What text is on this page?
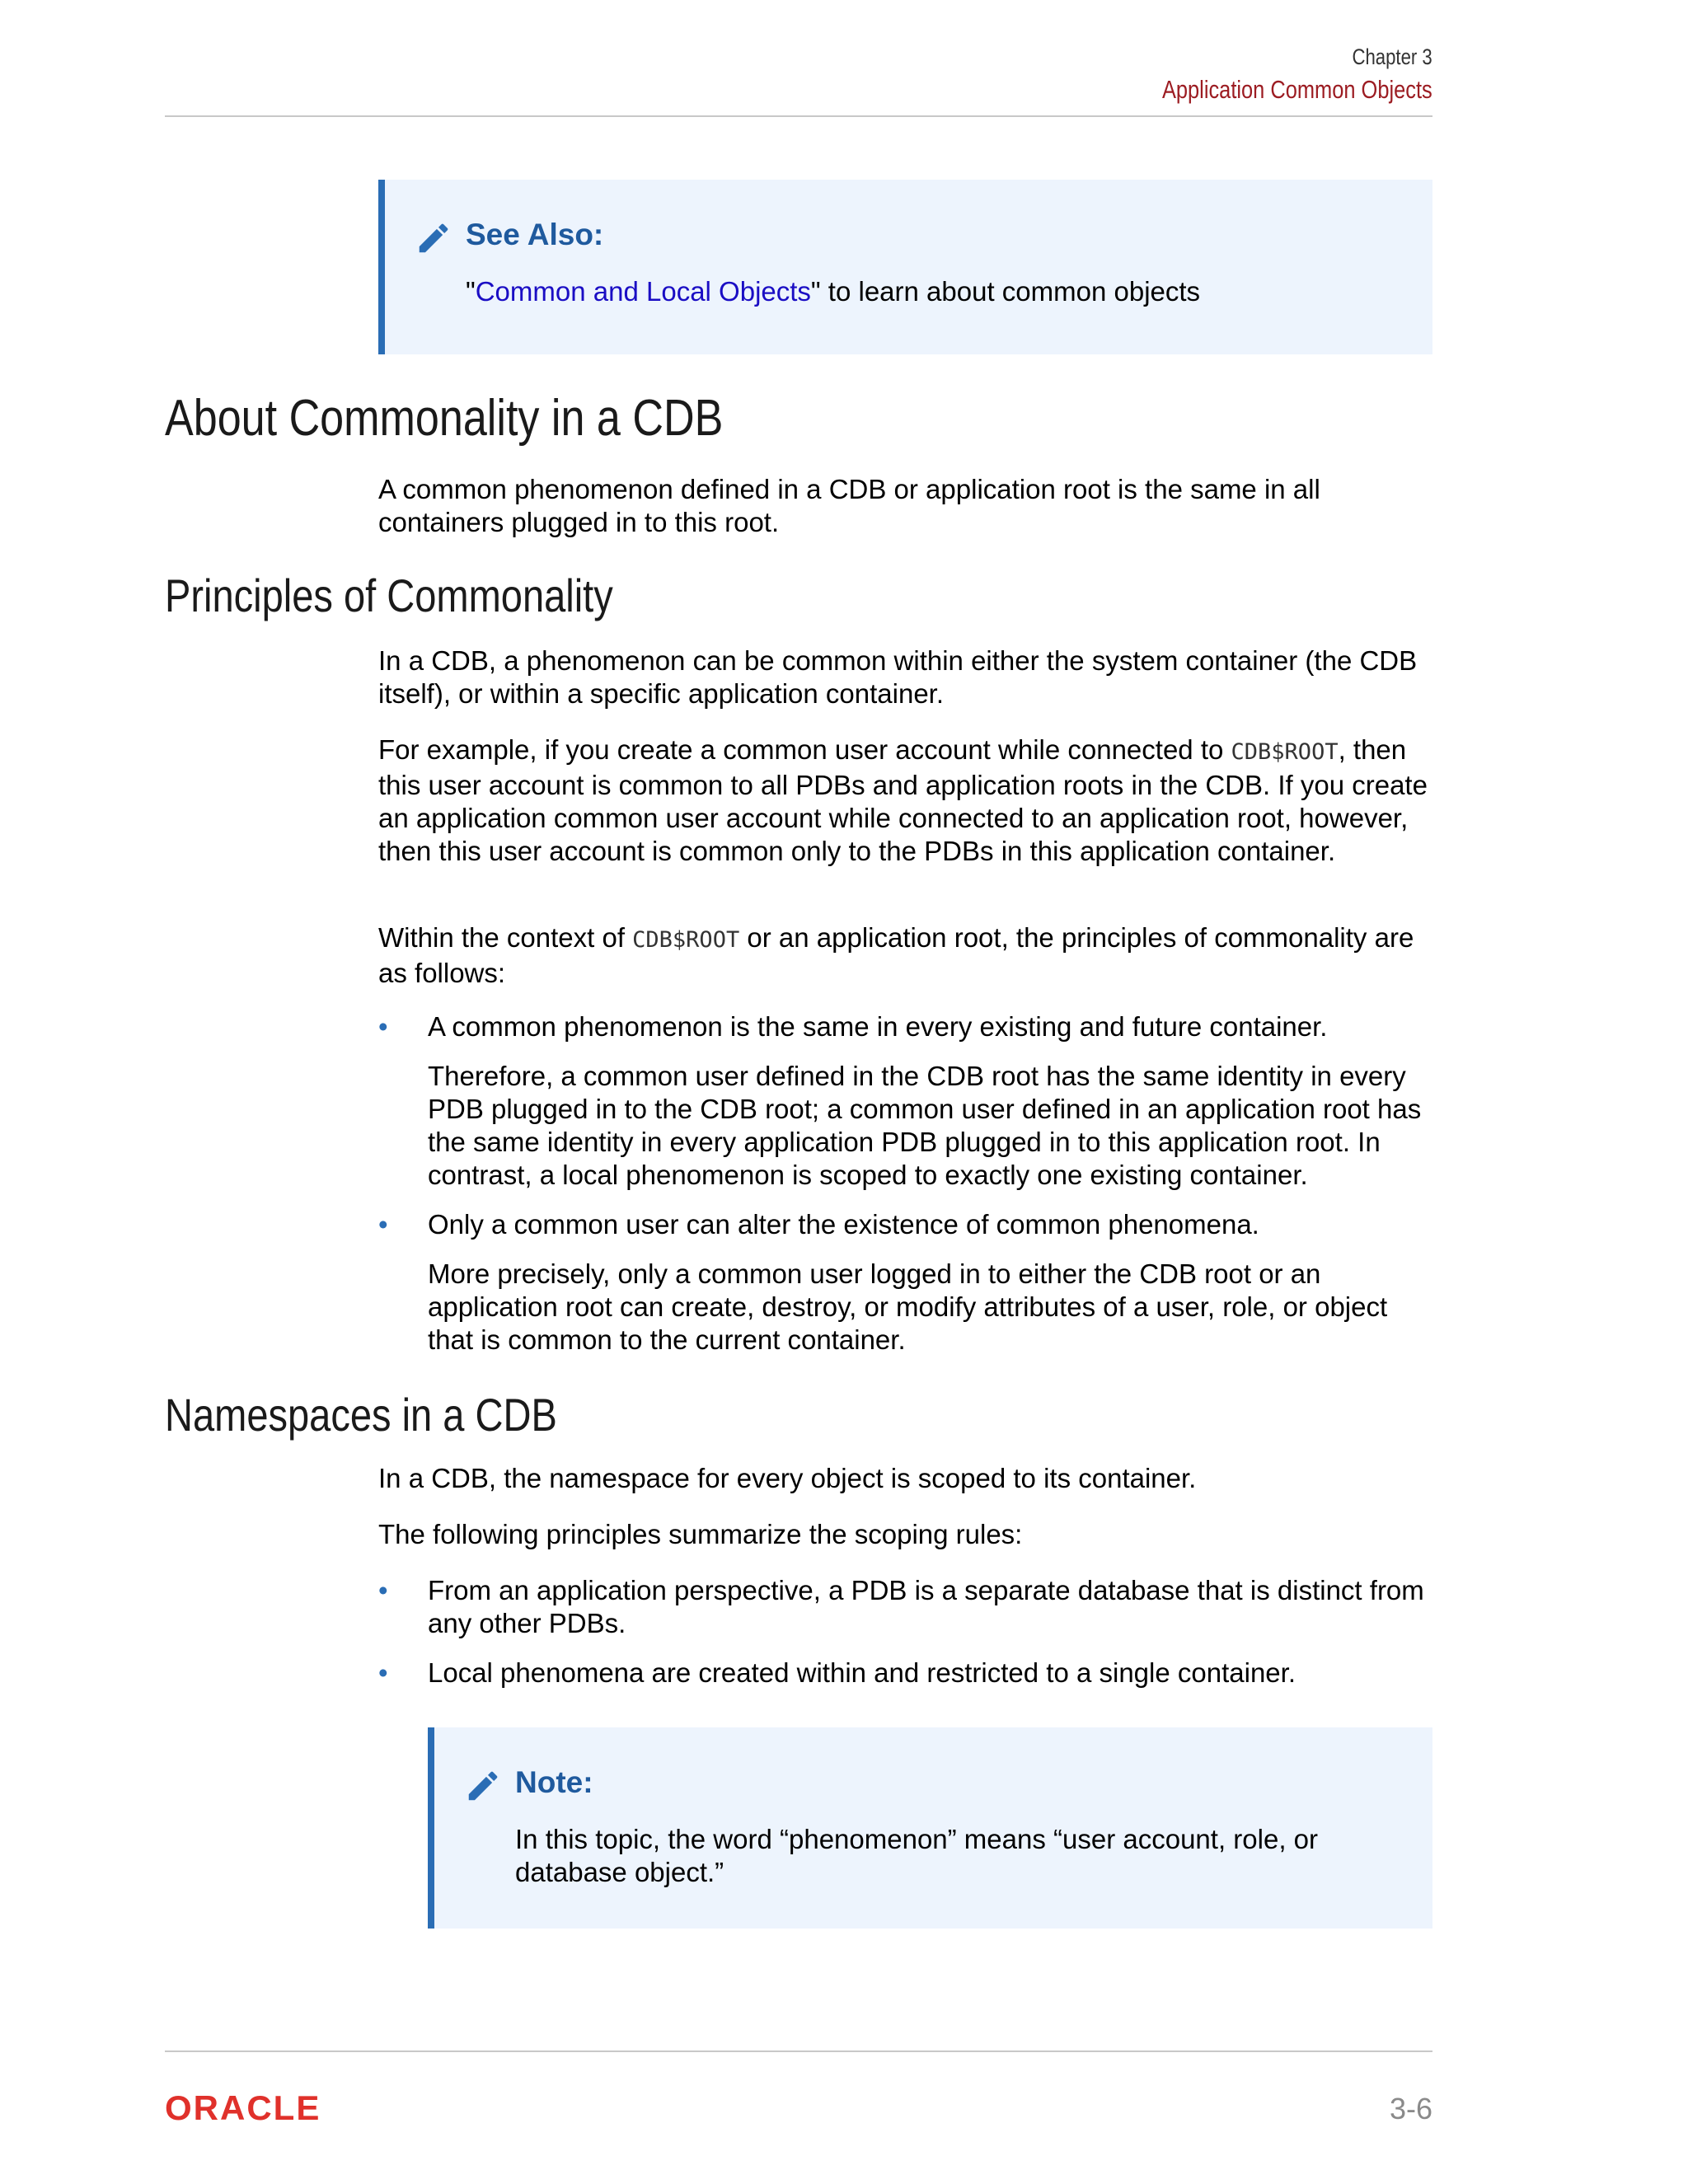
Chapter 3
Application Common Objects
See Also:
"Common and Local Objects" to learn about common objects
About Commonality in a CDB

A common phenomenon defined in a CDB or application root is the same in all containers plugged in to this root.

Principles of Commonality

In a CDB, a phenomenon can be common within either the system container (the CDB itself), or within a specific application container.

For example, if you create a common user account while connected to CDB$ROOT, then this user account is common to all PDBs and application roots in the CDB. If you create an application common user account while connected to an application root, however, then this user account is common only to the PDBs in this application container.

Within the context of CDB$ROOT or an application root, the principles of commonality are as follows:

• A common phenomenon is the same in every existing and future container.

Therefore, a common user defined in the CDB root has the same identity in every PDB plugged in to the CDB root; a common user defined in an application root has the same identity in every application PDB plugged in to this application root. In contrast, a local phenomenon is scoped to exactly one existing container.

• Only a common user can alter the existence of common phenomena.

More precisely, only a common user logged in to either the CDB root or an application root can create, destroy, or modify attributes of a user, role, or object that is common to the current container.

Namespaces in a CDB

In a CDB, the namespace for every object is scoped to its container.

The following principles summarize the scoping rules:

• From an application perspective, a PDB is a separate database that is distinct from any other PDBs.

• Local phenomena are created within and restricted to a single container.

Note:
In this topic, the word “phenomenon” means “user account, role, or database object.”
ORACLE	3-6
